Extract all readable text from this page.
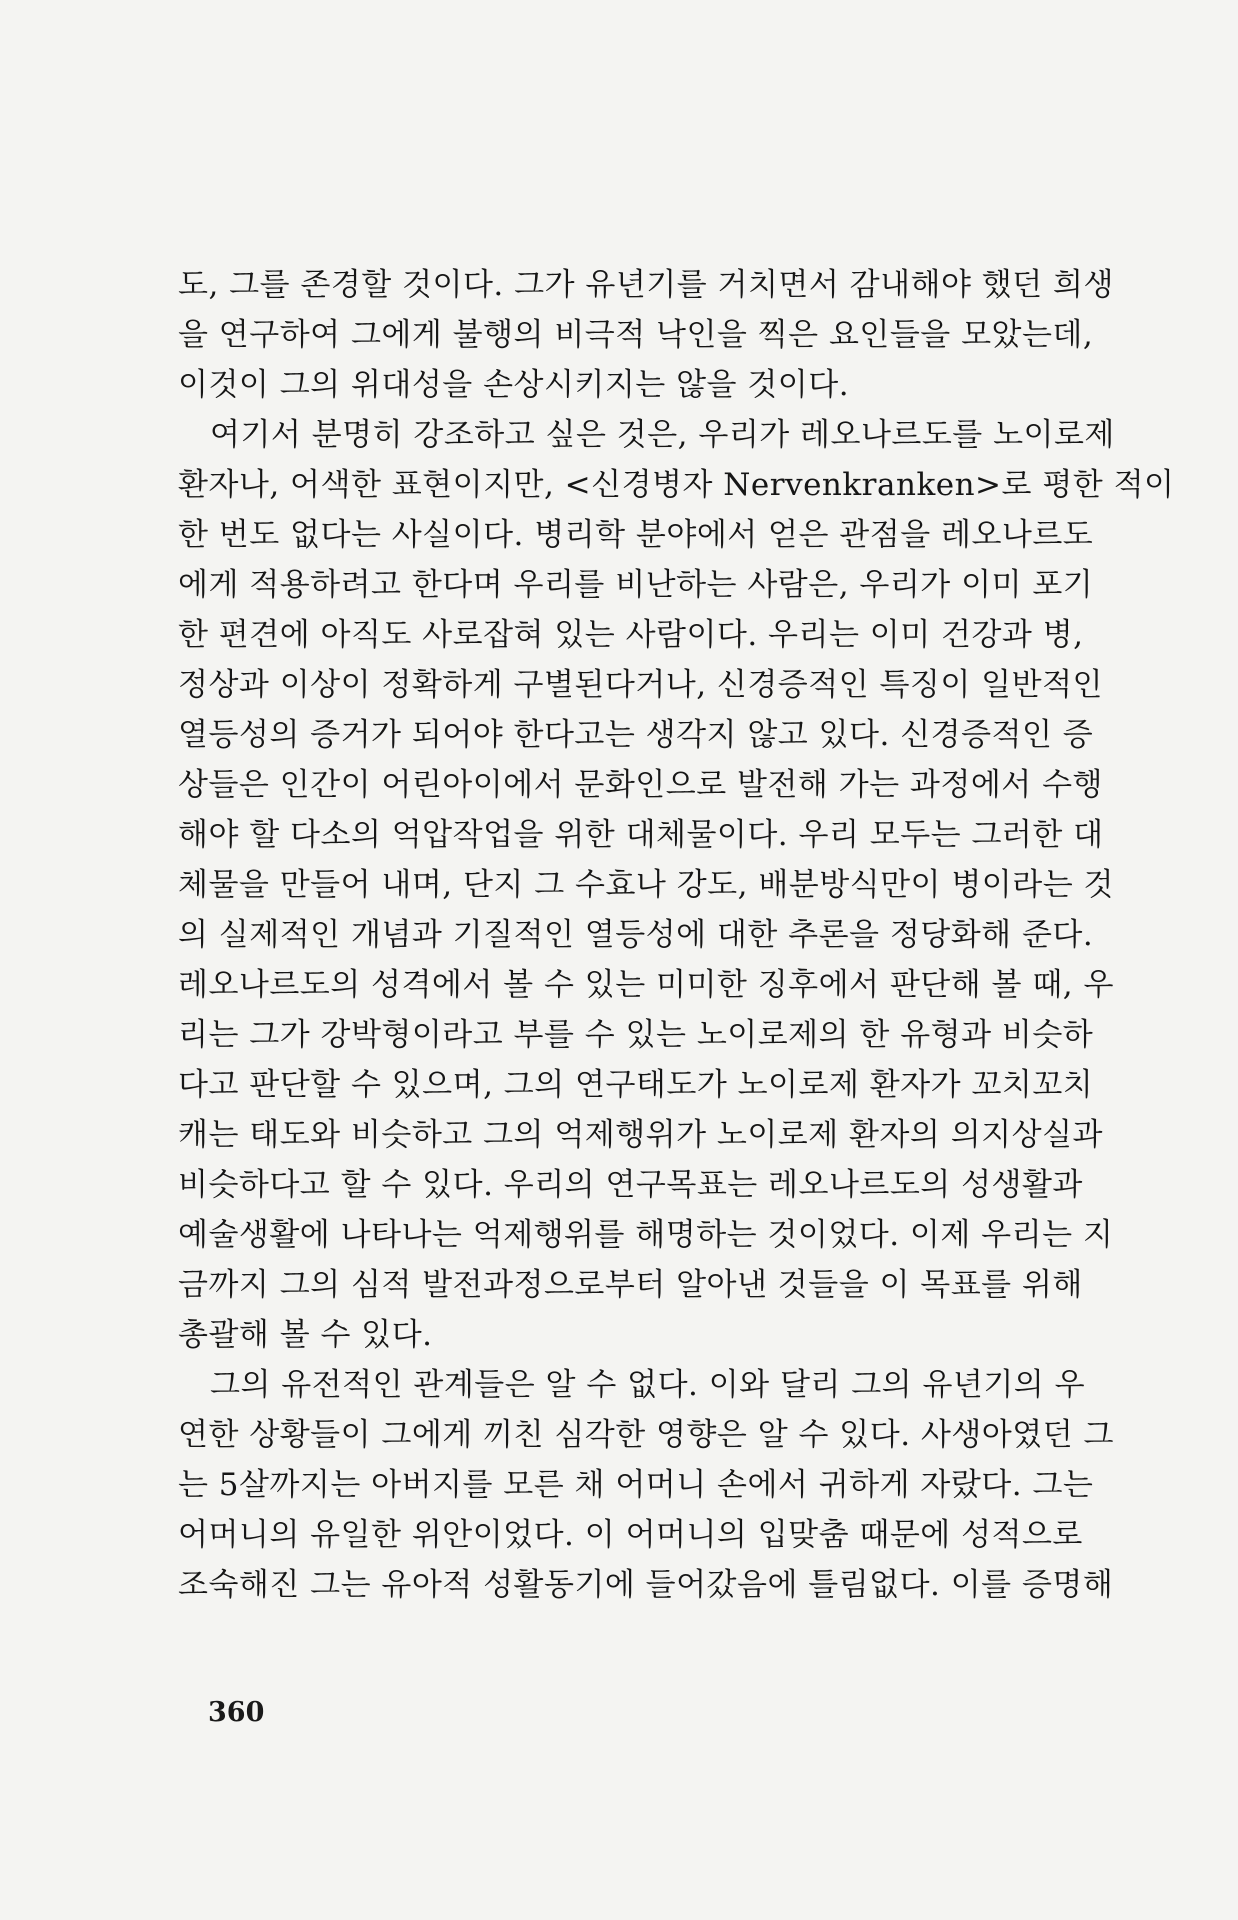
도, 그를 존경할 것이다. 그가 유년기를 거치면서 감내해야 했던 희생
을 연구하여 그에게 불행의 비극적 낙인을 찍은 요인들을 모았는데,
이것이 그의 위대성을 손상시키지는 않을 것이다.
여기서 분명히 강조하고 싶은 것은, 우리가 레오나르도를 노이로제
환자나, 어색한 표현이지만, <신경병자 Nervenkranken>로 평한 적이
한 번도 없다는 사실이다. 병리학 분야에서 얻은 관점을 레오나르도
에게 적용하려고 한다며 우리를 비난하는 사람은, 우리가 이미 포기
한 편견에 아직도 사로잡혀 있는 사람이다. 우리는 이미 건강과 병,
정상과 이상이 정확하게 구별된다거나, 신경증적인 특징이 일반적인
열등성의 증거가 되어야 한다고는 생각지 않고 있다. 신경증적인 증
상들은 인간이 어린아이에서 문화인으로 발전해 가는 과정에서 수행
해야 할 다소의 억압작업을 위한 대체물이다. 우리 모두는 그러한 대
체물을 만들어 내며, 단지 그 수효나 강도, 배분방식만이 병이라는 것
의 실제적인 개념과 기질적인 열등성에 대한 추론을 정당화해 준다.
레오나르도의 성격에서 볼 수 있는 미미한 징후에서 판단해 볼 때, 우
리는 그가 강박형이라고 부를 수 있는 노이로제의 한 유형과 비슷하
다고 판단할 수 있으며, 그의 연구태도가 노이로제 환자가 꼬치꼬치
캐는 태도와 비슷하고 그의 억제행위가 노이로제 환자의 의지상실과
비슷하다고 할 수 있다. 우리의 연구목표는 레오나르도의 성생활과
예술생활에 나타나는 억제행위를 해명하는 것이었다. 이제 우리는 지
금까지 그의 심적 발전과정으로부터 알아낸 것들을 이 목표를 위해
총괄해 볼 수 있다.
그의 유전적인 관계들은 알 수 없다. 이와 달리 그의 유년기의 우
연한 상황들이 그에게 끼친 심각한 영향은 알 수 있다. 사생아였던 그
는 5살까지는 아버지를 모른 채 어머니 손에서 귀하게 자랐다. 그는
어머니의 유일한 위안이었다. 이 어머니의 입맞춤 때문에 성적으로
조숙해진 그는 유아적 성활동기에 들어갔음에 틀림없다. 이를 증명해
360
